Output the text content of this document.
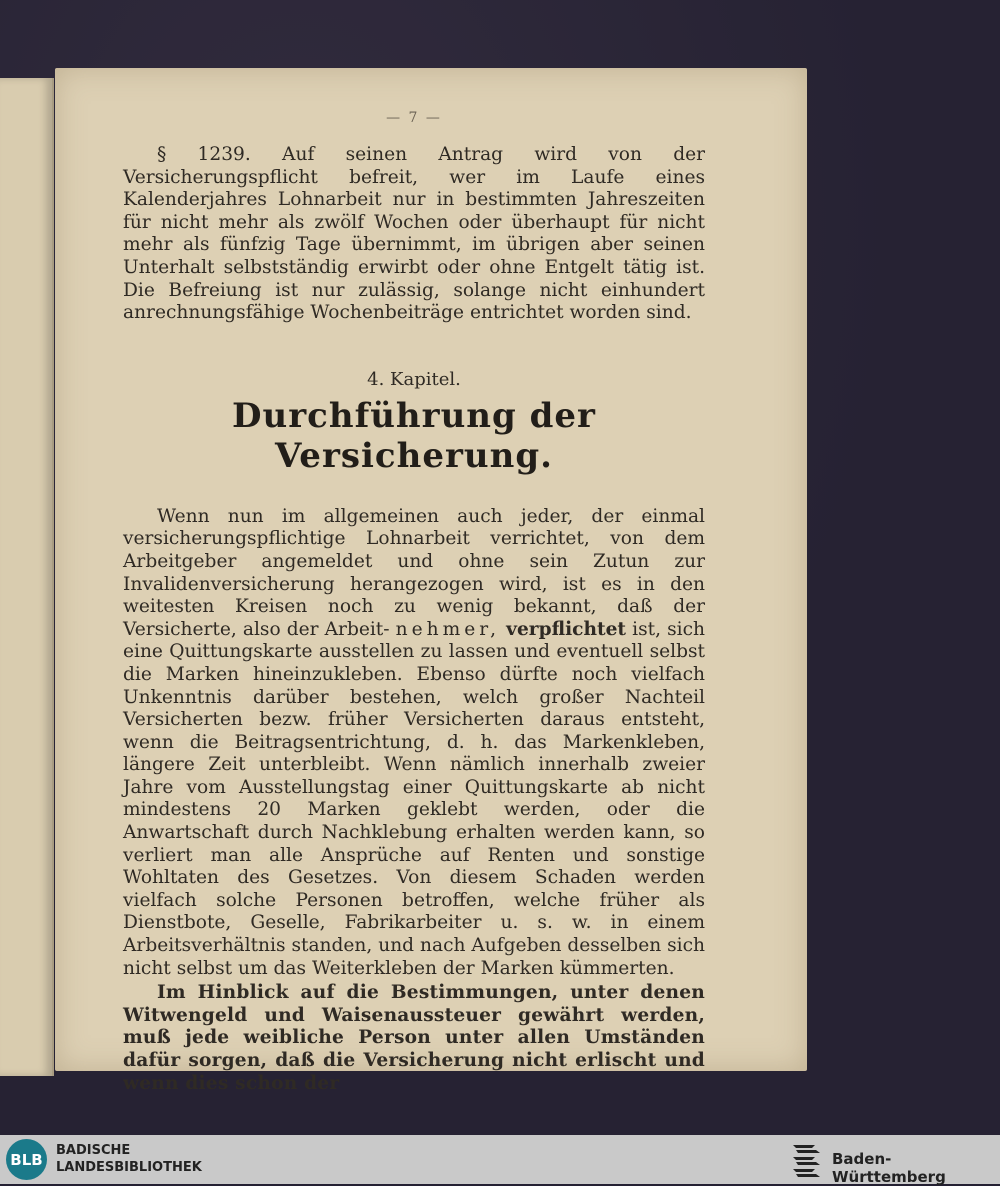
— 7 —

§ 1239. Auf seinen Antrag wird von der Versicherungspflicht befreit, wer im Laufe eines Kalenderjahres Lohnarbeit nur in bestimmten Jahreszeiten für nicht mehr als zwölf Wochen oder überhaupt für nicht mehr als fünfzig Tage übernimmt, im übrigen aber seinen Unterhalt selbstständig erwirbt oder ohne Entgelt tätig ist. Die Befreiung ist nur zulässig, solange nicht einhundert anrechnungsfähige Wochenbeiträge entrichtet worden sind.

4. Kapitel.
Durchführung der Versicherung.

Wenn nun im allgemeinen auch jeder, der einmal versicherungspflichtige Lohnarbeit verrichtet, von dem Arbeitgeber angemeldet und ohne sein Zutun zur Invalidenversicherung herangezogen wird, ist es in den weitesten Kreisen noch zu wenig bekannt, daß der Versicherte, also der Arbeit- nehmer, verpflichtet ist, sich eine Quittungskarte ausstellen zu lassen und eventuell selbst die Marken hineinzukleben. Ebenso dürfte noch vielfach Unkenntnis darüber bestehen, welch großer Nachteil Versicherten bezw. früher Versicherten daraus entsteht, wenn die Beitragsentrichtung, d. h. das Markenkleben, längere Zeit unterbleibt. Wenn nämlich innerhalb zweier Jahre vom Ausstellungstag einer Quittungskarte ab nicht mindestens 20 Marken geklebt werden, oder die Anwartschaft durch Nachklebung erhalten werden kann, so verliert man alle Ansprüche auf Renten und sonstige Wohltaten des Gesetzes. Von diesem Schaden werden vielfach solche Personen betroffen, welche früher als Dienstbote, Geselle, Fabrikarbeiter u. s. w. in einem Arbeitsverhältnis standen, und nach Aufgeben desselben sich nicht selbst um das Weiterkleben der Marken kümmerten.

Im Hinblick auf die Bestimmungen, unter denen Witwengeld und Waisenaussteuer gewährt werden, muß jede weibliche Person unter allen Umständen dafür sorgen, daß die Versicherung nicht erlischt und wenn dies schon der

BLB	BADISCHE
LANDESBIBLIOTHEK	Baden-Württemberg
